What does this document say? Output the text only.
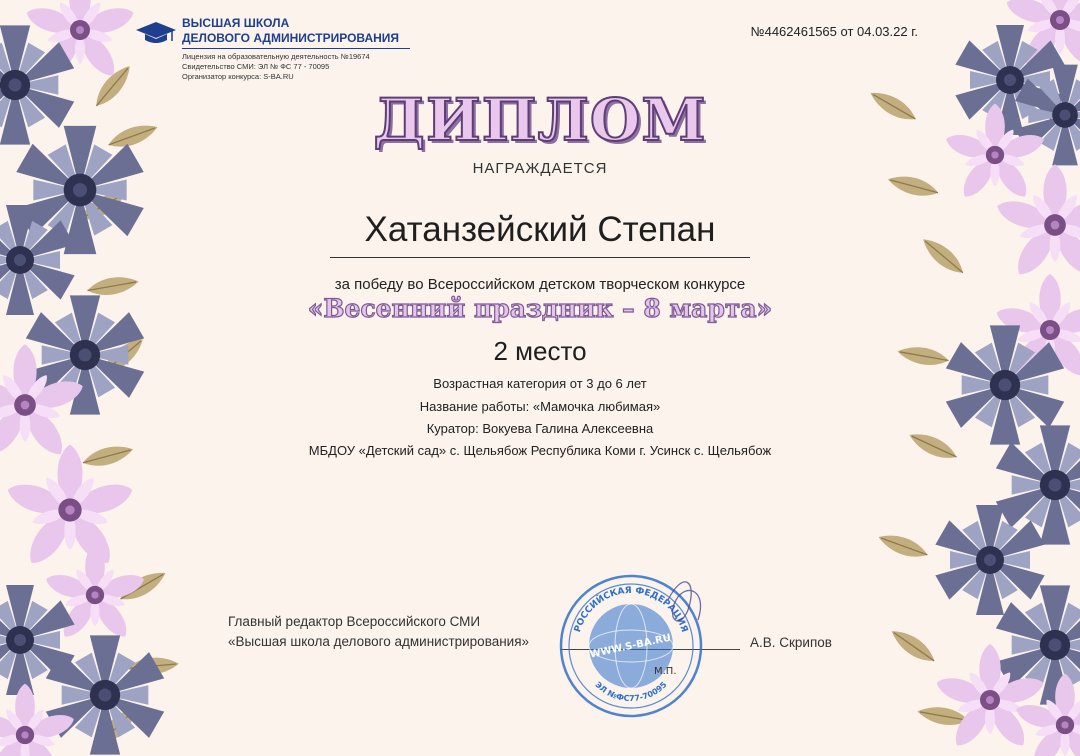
ВЫСШАЯ ШКОЛА
ДЕЛОВОГО АДМИНИСТРИРОВАНИЯ
Лицензия на образовательную деятельность №19674
Свидетельство СМИ: ЭЛ № ФС 77 - 70095
Организатор конкурса: S-BA.RU
№4462461565 от 04.03.22 г.
ДИПЛОМ
НАГРАЖДАЕТСЯ
Хатанзейский Степан
за победу во Всероссийском детском творческом конкурсе
«Весенний праздник – 8 марта»
2 место
Возрастная категория от 3 до 6 лет
Название работы: «Мамочка любимая»
Куратор: Вокуева Галина Алексеевна
МБДОУ «Детский сад» с. Щельябож Республика Коми г. Усинск с. Щельябож
Главный редактор Всероссийского СМИ
«Высшая школа делового администрирования»	А.В. Скрипов
РОССИЙСКАЯ ФЕДЕРАЦИЯ
ЭЛ №ФС77-70095
WWW.S-BA.RU
М.П.
